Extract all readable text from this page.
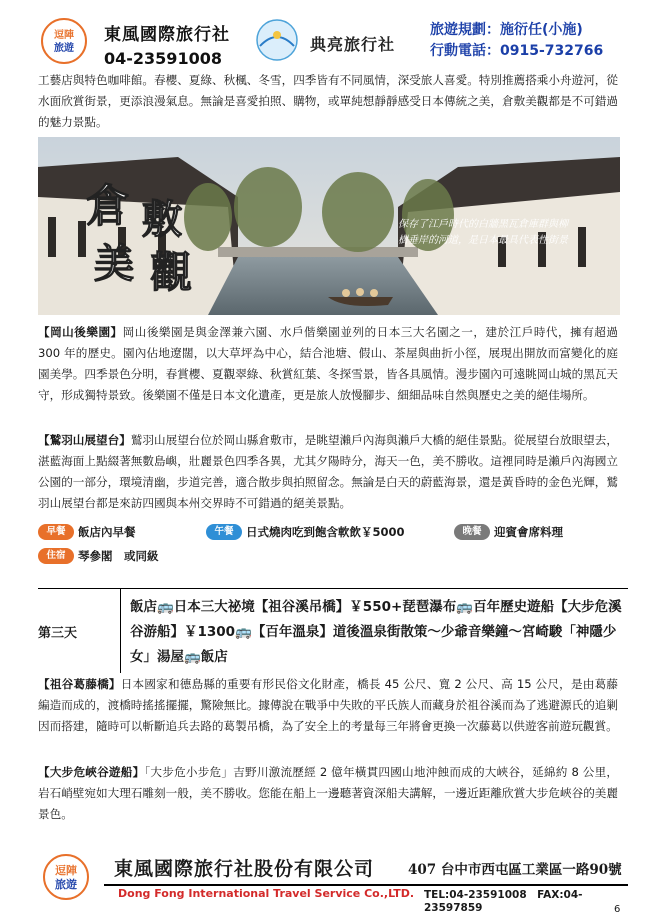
逗陣
旅遊
東風國際旅行社
04-23591008
典亮旅行社
旅遊規劃：施衍任(小施)
行動電話：0915-732766
工藝店與特色咖啡館。春櫻、夏綠、秋楓、冬雪，四季皆有不同風情，深受旅人喜愛。特別推薦搭乘小舟遊河，從水面欣賞街景，更添浪漫氣息。無論是喜愛拍照、購物，或單純想靜靜感受日本傳統之美，倉敷美觀都是不可錯過的魅力景點。
倉 敷
美 觀
保存了江戶時代的白牆黑瓦倉庫群與柳
樹垂岸的河道，是日本最具代表性街景
【岡山後樂園】岡山後樂園是與金澤兼六園、水戶偕樂園並列的日本三大名園之一，建於江戶時代，擁有超過 300 年的歷史。園內佔地遼闊，以大草坪為中心，結合池塘、假山、茶屋與曲折小徑，展現出開放而富變化的庭園美學。四季景色分明，春賞櫻、夏觀翠綠、秋賞紅葉、冬探雪景，皆各具風情。漫步園內可遠眺岡山城的黑瓦天守，形成獨特景致。後樂園不僅是日本文化遺產，更是旅人放慢腳步、細細品味自然與歷史之美的絕佳場所。
【鷲羽山展望台】鷲羽山展望台位於岡山縣倉敷市，是眺望瀨戶內海與瀨戶大橋的絕佳景點。從展望台放眼望去，湛藍海面上點綴著無數島嶼，壯麗景色四季各異，尤其夕陽時分，海天一色，美不勝收。這裡同時是瀨戶內海國立公園的一部分，環境清幽，步道完善，適合散步與拍照留念。無論是白天的蔚藍海景，還是黃昏時的金色光輝，鷲羽山展望台都是來訪四國與本州交界時不可錯過的絕美景點。
早餐	飯店內早餐	午餐	日式燒肉吃到飽含軟飲￥5000	晚餐	迎賓會席料理
住宿	琴參閣　或同級
第三天
飯店🚌日本三大祕境【祖谷溪吊橋】￥550+琵琶瀑布🚌百年歷史遊船【大步危溪谷游船】￥1300🚌【百年溫泉】道後溫泉街散策～少爺音樂鐘～宮崎駿「神隱少女」湯屋🚌飯店
【祖谷葛藤橋】日本國家和德島縣的重要有形民俗文化財產，橋長 45 公尺、寬 2 公尺、高 15 公尺，是由葛藤編造而成的，渡橋時搖搖擺擺，驚險無比。據傳說在戰爭中失敗的平氏族人而藏身於祖谷溪而為了逃避源氏的追剿因而搭建，隨時可以斬斷追兵去路的葛製吊橋，為了安全上的考量每三年將會更換一次藤葛以供遊客前遊玩觀賞。
【大步危峽谷遊船】「大步危小步危」吉野川激流歷經 2 億年橫貫四國山地沖蝕而成的大峽谷，延綿約 8 公里，岩石峭壁宛如大理石雕刻一般，美不勝收。您能在船上一邊聽著資深船夫講解，一邊近距離欣賞大步危峽谷的美麗景色。
逗陣
旅遊
東風國際旅行社股份有限公司	407 台中市西屯區工業區一路90號
Dong Fong International Travel Service Co.,LTD. TEL:04-23591008　FAX:04-23597859	6
